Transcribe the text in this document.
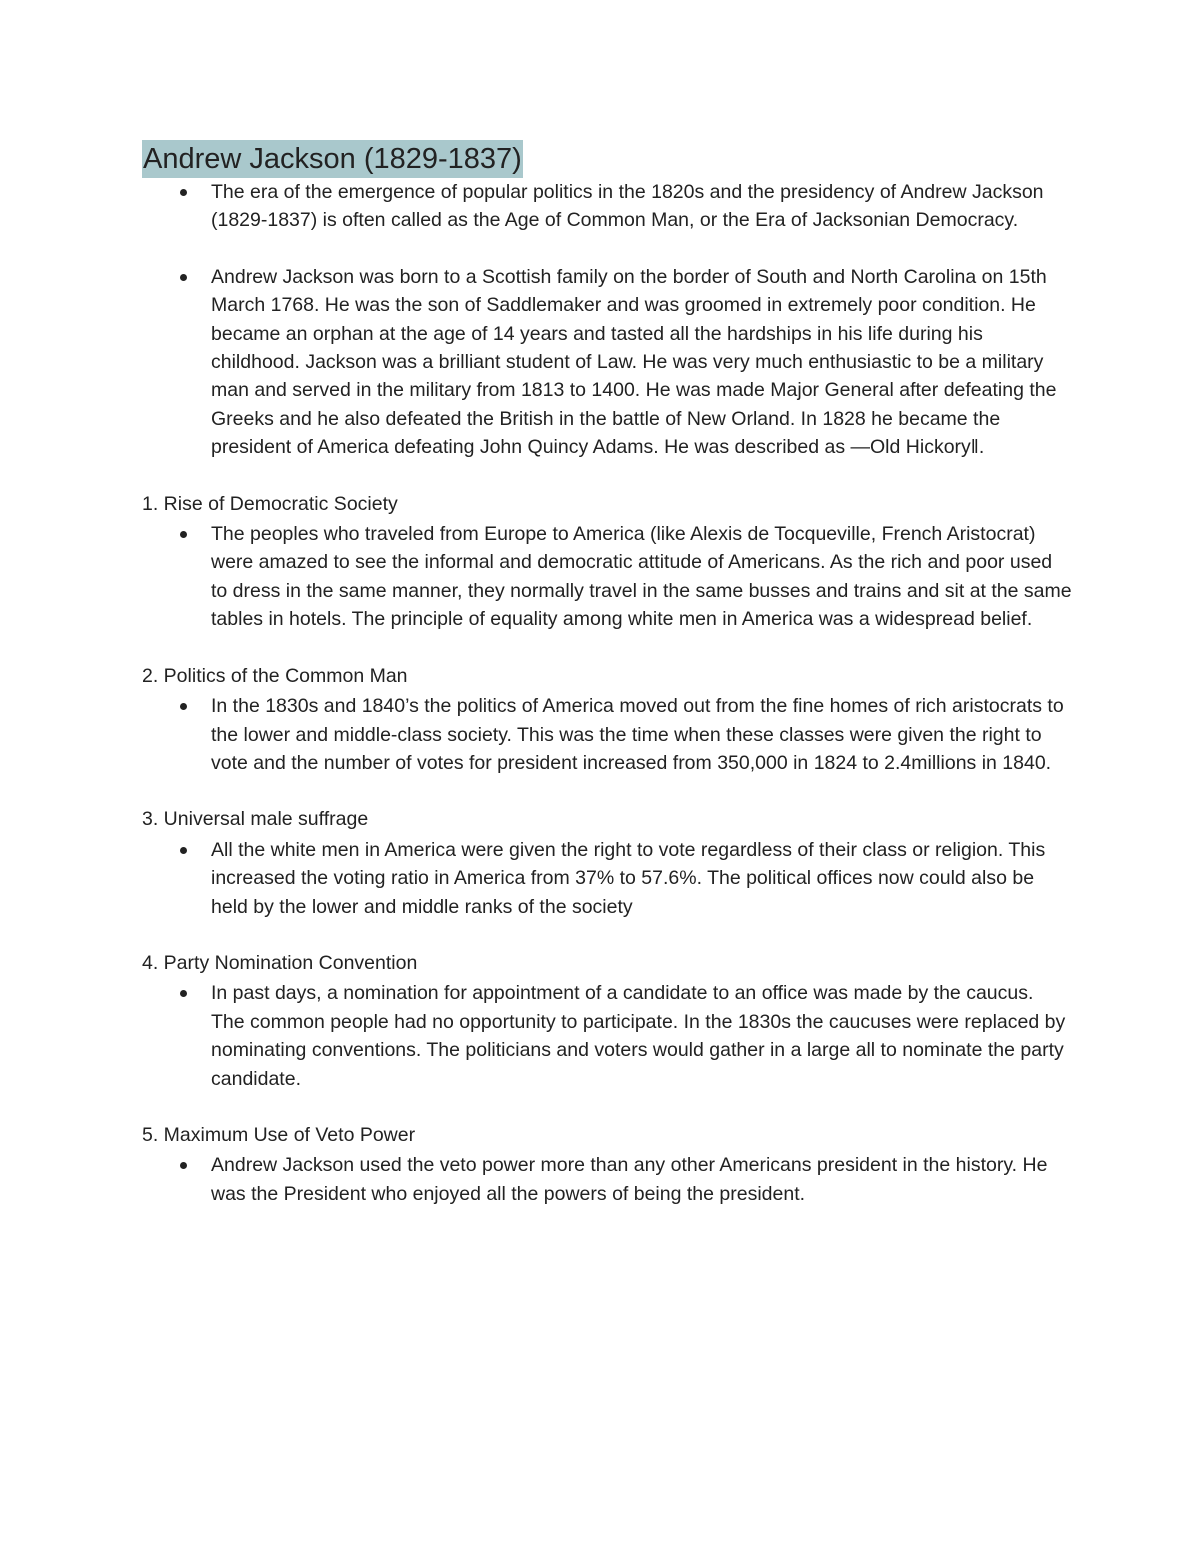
Andrew Jackson (1829-1837)
The era of the emergence of popular politics in the 1820s and the presidency of Andrew Jackson (1829-1837) is often called as the Age of Common Man, or the Era of Jacksonian Democracy.
Andrew Jackson was born to a Scottish family on the border of South and North Carolina on 15th March 1768. He was the son of Saddlemaker and was groomed in extremely poor condition. He became an orphan at the age of 14 years and tasted all the hardships in his life during his childhood. Jackson was a brilliant student of Law. He was very much enthusiastic to be a military man and served in the military from 1813 to 1400. He was made Major General after defeating the Greeks and he also defeated the British in the battle of New Orland. In 1828 he became the president of America defeating John Quincy Adams. He was described as —Old Hickory‖.
1. Rise of Democratic Society
The peoples who traveled from Europe to America (like Alexis de Tocqueville, French Aristocrat) were amazed to see the informal and democratic attitude of Americans. As the rich and poor used to dress in the same manner, they normally travel in the same busses and trains and sit at the same tables in hotels. The principle of equality among white men in America was a widespread belief.
2. Politics of the Common Man
In the 1830s and 1840’s the politics of America moved out from the fine homes of rich aristocrats to the lower and middle-class society. This was the time when these classes were given the right to vote and the number of votes for president increased from 350,000 in 1824 to 2.4millions in 1840.
3. Universal male suffrage
All the white men in America were given the right to vote regardless of their class or religion. This increased the voting ratio in America from 37% to 57.6%. The political offices now could also be held by the lower and middle ranks of the society
4. Party Nomination Convention
In past days, a nomination for appointment of a candidate to an office was made by the caucus. The common people had no opportunity to participate. In the 1830s the caucuses were replaced by nominating conventions. The politicians and voters would gather in a large all to nominate the party candidate.
5. Maximum Use of Veto Power
Andrew Jackson used the veto power more than any other Americans president in the history. He was the President who enjoyed all the powers of being the president.
